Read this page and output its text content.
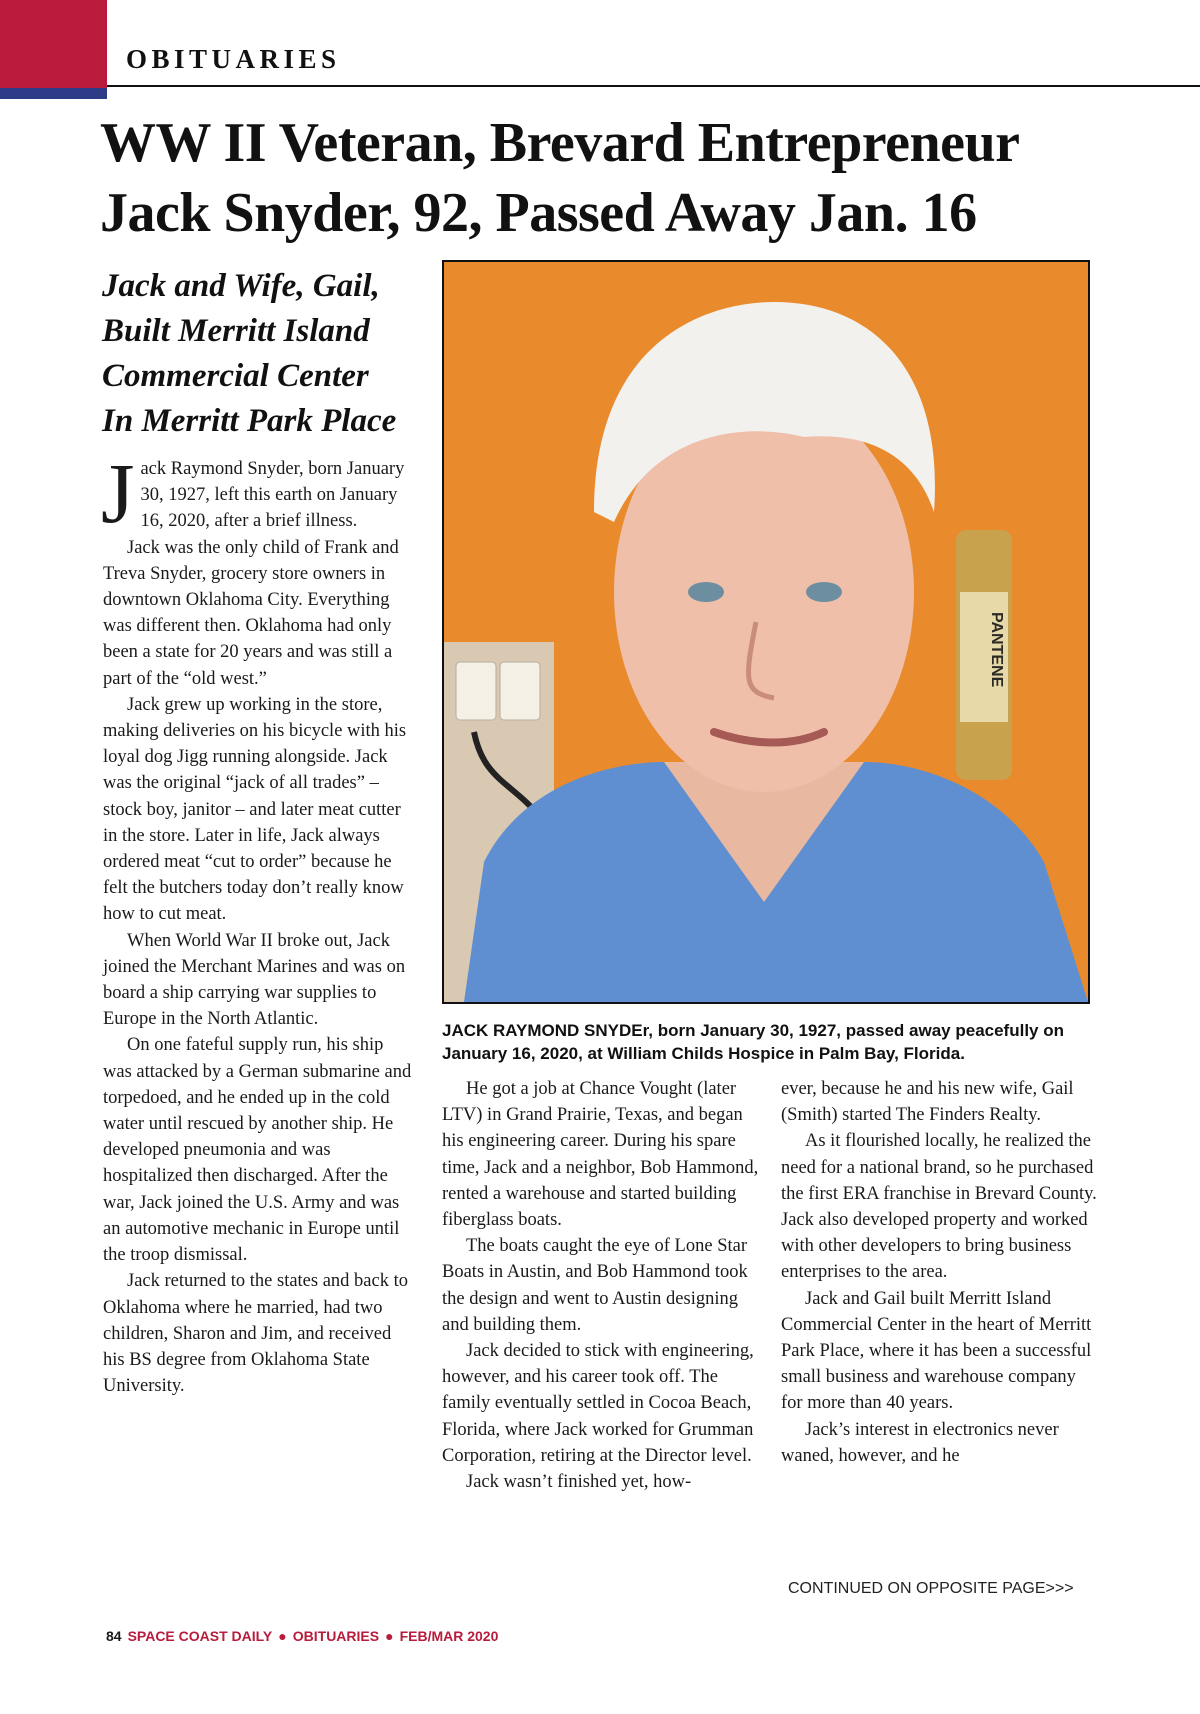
OBITUARIES
WW II Veteran, Brevard Entrepreneur
Jack Snyder, 92, Passed Away Jan. 16
Jack and Wife, Gail,
Built Merritt Island
Commercial Center
In Merritt Park Place

Jack Raymond Snyder, born January 30, 1927, left this earth on January 16, 2020, after a brief illness.

Jack was the only child of Frank and Treva Snyder, grocery store owners in downtown Oklahoma City. Everything was different then. Oklahoma had only been a state for 20 years and was still a part of the “old west.”

Jack grew up working in the store, making deliveries on his bicycle with his loyal dog Jigg running alongside. Jack was the original “jack of all trades” – stock boy, janitor – and later meat cutter in the store. Later in life, Jack always ordered meat “cut to order” because he felt the butchers today don’t really know how to cut meat.

When World War II broke out, Jack joined the Merchant Marines and was on board a ship carrying war supplies to Europe in the North Atlantic.

On one fateful supply run, his ship was attacked by a German submarine and torpedoed, and he ended up in the cold water until rescued by another ship. He developed pneumonia and was hospitalized then discharged. After the war, Jack joined the U.S. Army and was an automotive mechanic in Europe until the troop dismissal.

Jack returned to the states and back to Oklahoma where he married, had two children, Sharon and Jim, and received his BS degree from Oklahoma State University.

PANTENE

JACK RAYMOND SNYDEr, born January 30, 1927, passed away peacefully on January 16, 2020, at William Childs Hospice in Palm Bay, Florida.

He got a job at Chance Vought (later LTV) in Grand Prairie, Texas, and began his engineering career. During his spare time, Jack and a neighbor, Bob Hammond, rented a warehouse and started building fiberglass boats.

The boats caught the eye of Lone Star Boats in Austin, and Bob Hammond took the design and went to Austin designing and building them.

Jack decided to stick with engineering, however, and his career took off. The family eventually settled in Cocoa Beach, Florida, where Jack worked for Grumman Corporation, retiring at the Director level.

Jack wasn’t finished yet, how-

ever, because he and his new wife, Gail (Smith) started The Finders Realty.

As it flourished locally, he realized the need for a national brand, so he purchased the first ERA franchise in Brevard County. Jack also developed property and worked with other developers to bring business enterprises to the area.

Jack and Gail built Merritt Island Commercial Center in the heart of Merritt Park Place, where it has been a successful small business and warehouse company for more than 40 years.

Jack’s interest in electronics never waned, however, and he

CONTINUED ON OPPOSITE PAGE>>>

84 SPACE COAST DAILY ● OBITUARIES ● FEB/MAR 2020
